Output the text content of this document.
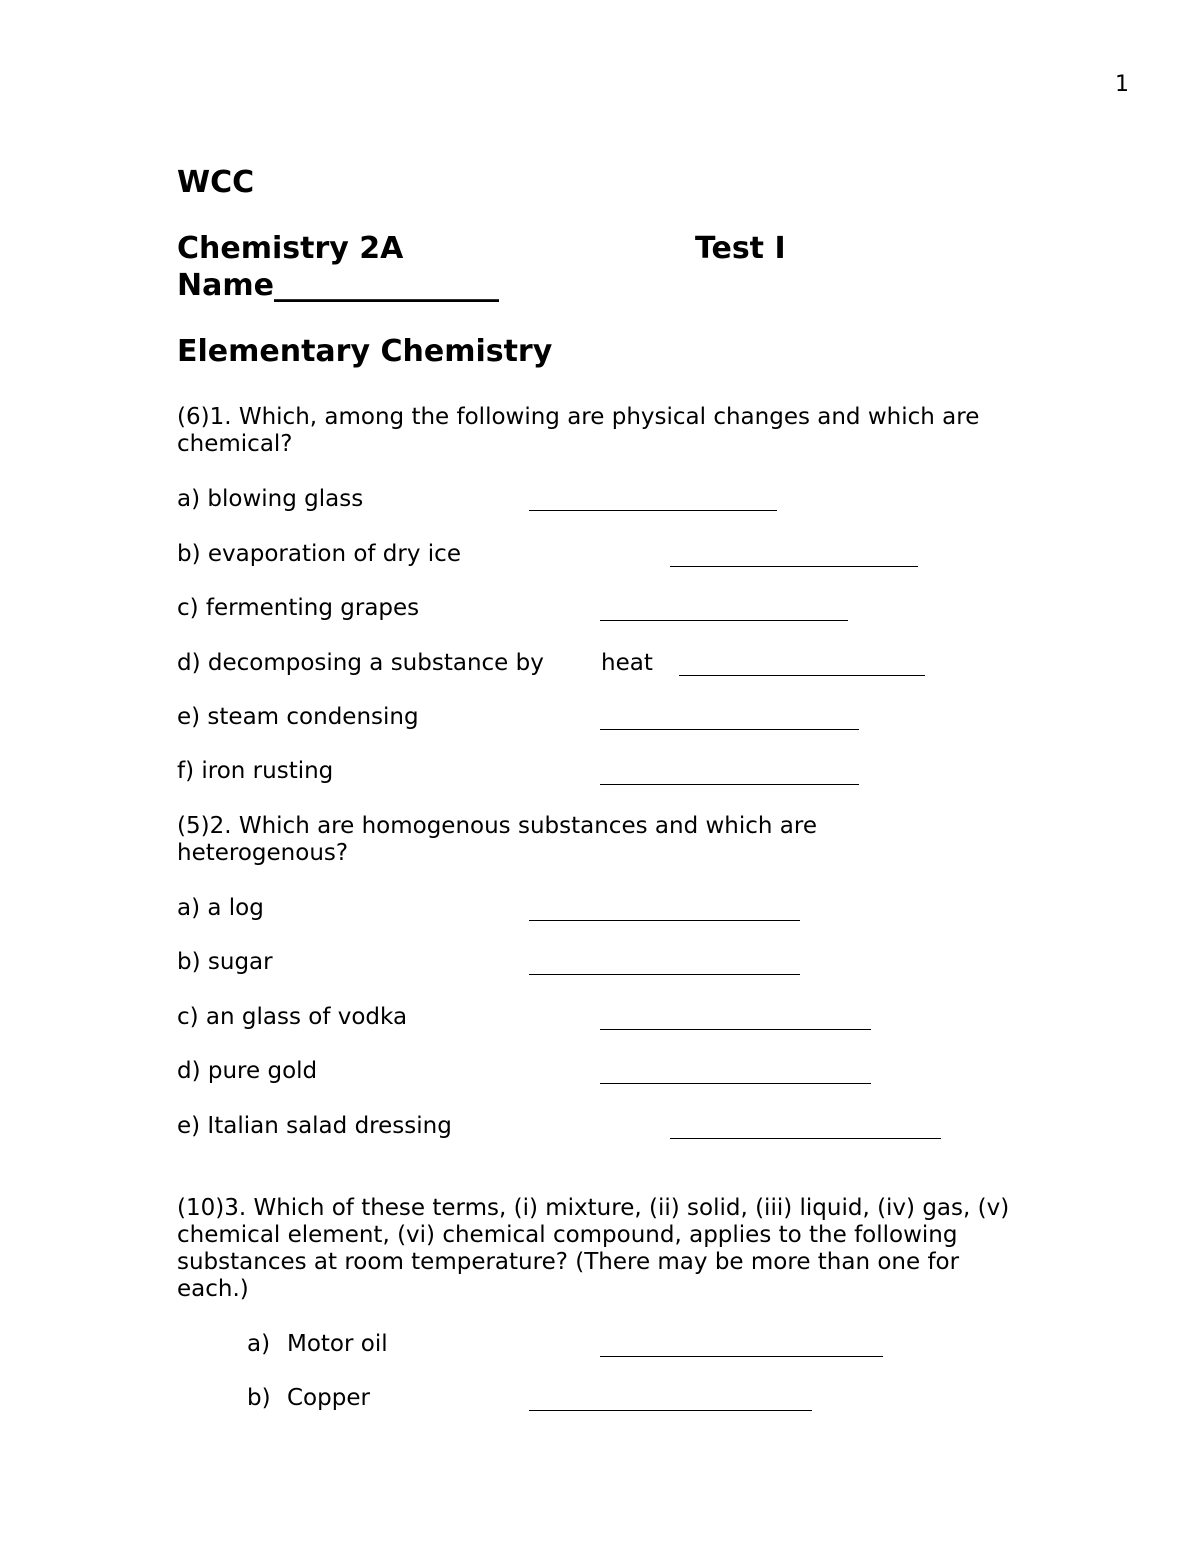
1
WCC
Chemistry 2A	Test I
Name_______________
Elementary Chemistry
(6)1. Which, among the following are physical changes and which are chemical?
a) blowing glass
b) evaporation of dry ice
c) fermenting grapes
d) decomposing a substance by heat
e) steam condensing
f) iron rusting
(5)2. Which are homogenous substances and which are heterogenous?
a) a log
b) sugar
c) an glass of vodka
d) pure gold
e) Italian salad dressing
(10)3. Which of these terms, (i) mixture, (ii) solid, (iii) liquid, (iv) gas, (v) chemical element, (vi) chemical compound, applies to the following substances at room temperature? (There may be more than one for each.)
a) Motor oil
b) Copper
